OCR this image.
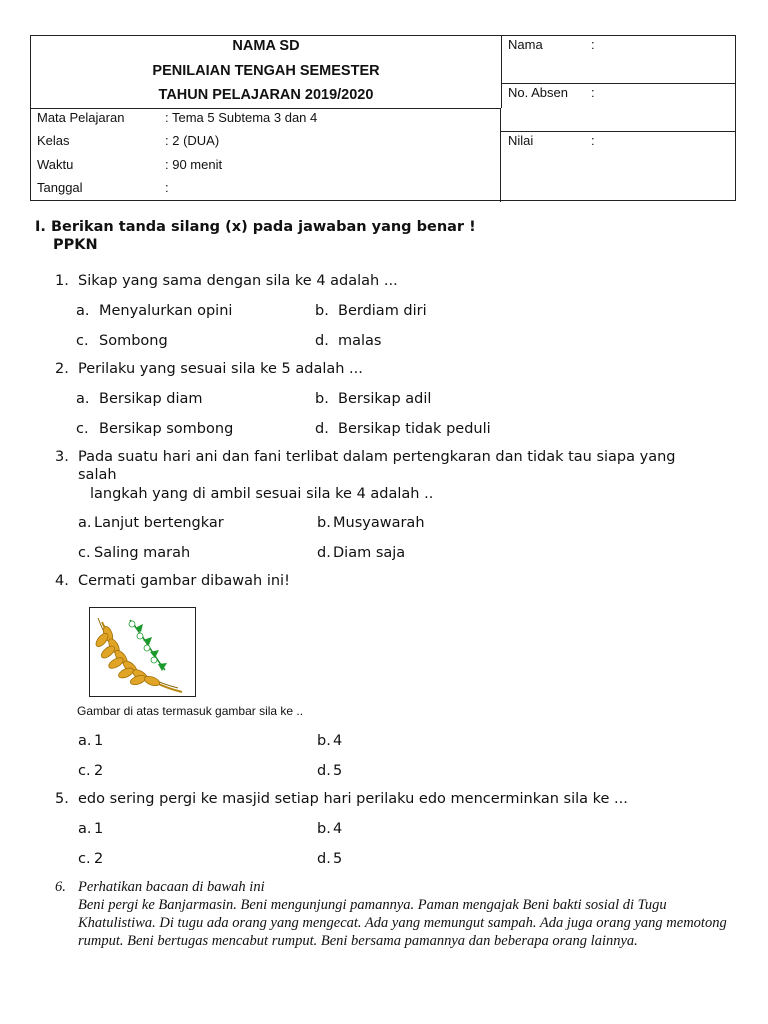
NAMA SD
PENILAIAN TENGAH SEMESTER
TAHUN PELAJARAN 2019/2020
Mata Pelajaran	: Tema 5 Subtema 3 dan 4
Kelas	: 2 (DUA)
Waktu	: 90 menit
Tanggal	:
Nama	:
No. Absen :
Nilai	:
I. Berikan tanda silang (x) pada jawaban yang benar !
PPKN
1. Sikap yang sama dengan sila ke 4 adalah ...
a. Menyalurkan opini	b. Berdiam diri
c. Sombong	d. malas
2. Perilaku yang sesuai sila ke 5 adalah ...
a. Bersikap diam	b. Bersikap adil
c. Bersikap sombong	d. Bersikap tidak peduli
3. Pada suatu hari ani dan fani terlibat dalam pertengkaran dan tidak tau siapa yang
salah
langkah yang di ambil sesuai sila ke 4 adalah ..
a. Lanjut bertengkar	b. Musyawarah
c. Saling marah	d. Diam saja
4. Cermati gambar dibawah ini!
Gambar di atas termasuk gambar sila ke ..
a. 1	b. 4
c. 2	d. 5
5. edo sering pergi ke masjid setiap hari perilaku edo mencerminkan sila ke ...
a. 1	b. 4
c. 2	d. 5
6. Perhatikan bacaan di bawah ini
Beni pergi ke Banjarmasin. Beni mengunjungi pamannya. Paman mengajak Beni bakti sosial di Tugu Khatulistiwa. Di tugu ada orang yang mengecat. Ada yang memungut sampah. Ada juga orang yang memotong rumput. Beni bertugas mencabut rumput. Beni bersama pamannya dan beberapa orang lainnya.
